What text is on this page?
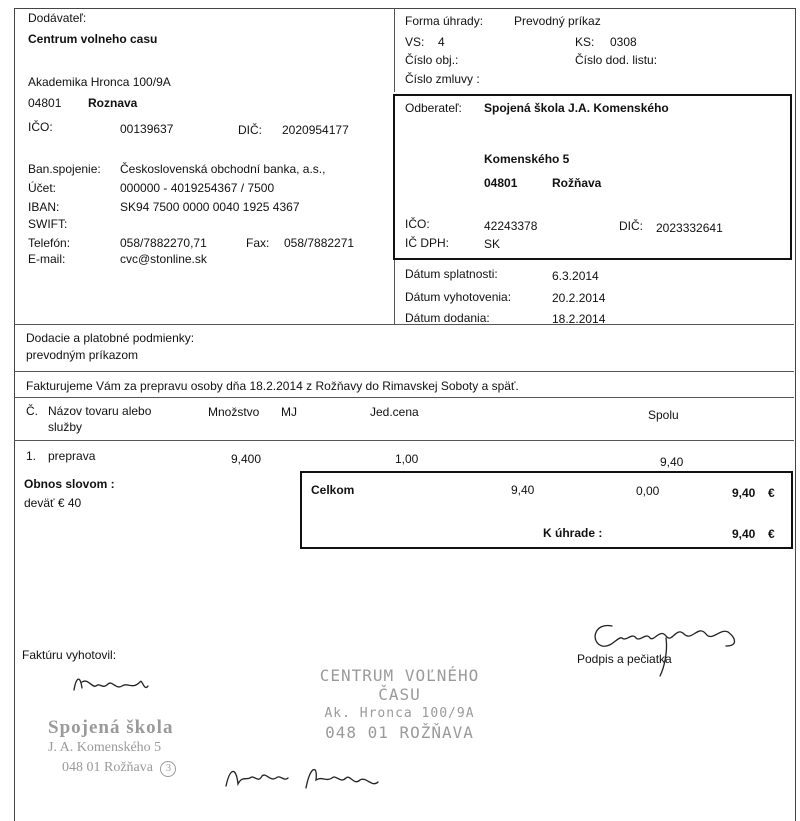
Dodávateľ:
Centrum volneho casu
Akademika Hronca 100/9A
04801 Roznava
IČO:	00139637	DIČ: 2020954177
Ban.spojenie: Československá obchodní banka, a.s.,
Účet:	000000 - 4019254367 / 7500
IBAN:	SK94 7500 0000 0040 1925 4367
SWIFT:
Telefón:	058/7882270,71	Fax: 058/7882271
E-mail:	cvc@stonline.sk
Forma úhrady:	Prevodný príkaz
VS: 4	KS: 0308
Číslo obj.:	Číslo dod. listu:
Číslo zmluvy :
Odberateľ: Spojená škola J.A. Komenského
Komenského 5
04801	Rožňava
IČO:	42243378	DIČ: 2023332641
IČ DPH:	SK
Dátum splatnosti:	6.3.2014
Dátum vyhotovenia:	20.2.2014
Dátum dodania:	18.2.2014
Dodacie a platobné podmienky:
prevodným príkazom
Fakturujeme Vám za prepravu osoby dňa 18.2.2014 z Rožňavy do Rimavskej Soboty a späť.
Č. Názov tovaru alebo
služby
Množstvo MJ	Jed.cena	Spolu
1. preprava	9,400	1,00	9,40
Obnos slovom :
deväť € 40
Celkom	9,40	0,00	9,40 €
K úhrade :	9,40 €
Faktúru vyhotovil:	Podpis a pečiatka
CENTRUM VOĽNÉHO
ČASU
Ak. Hronca 100/9A
048 01 ROŽŇAVA
Spojená škola
J. A. Komenského 5
048 01 Rožňava 3
